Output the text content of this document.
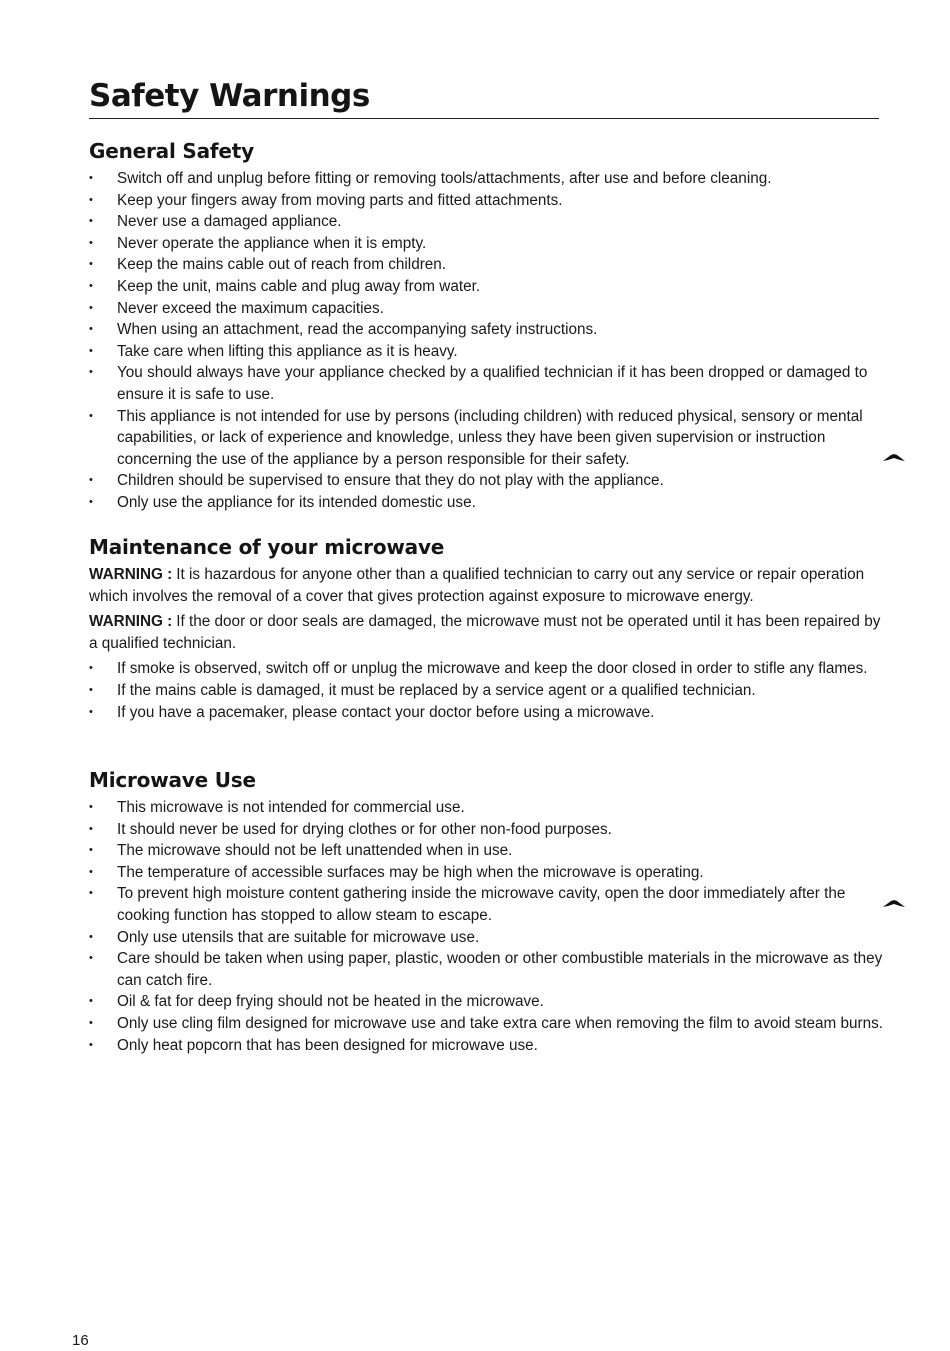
Safety Warnings
General Safety
• Switch off and unplug before fitting or removing tools/attachments, after use and before cleaning.
• Keep your fingers away from moving parts and fitted attachments.
• Never use a damaged appliance.
• Never operate the appliance when it is empty.
• Keep the mains cable out of reach from children.
• Keep the unit, mains cable and plug away from water.
• Never exceed the maximum capacities.
• When using an attachment, read the accompanying safety instructions.
• Take care when lifting this appliance as it is heavy.
• You should always have your appliance checked by a qualified technician if it has been dropped or damaged to ensure it is safe to use.
• This appliance is not intended for use by persons (including children) with reduced physical, sensory or mental capabilities, or lack of experience and knowledge, unless they have been given supervision or instruction concerning the use of the appliance by a person responsible for their safety.
• Children should be supervised to ensure that they do not play with the appliance.
• Only use the appliance for its intended domestic use.
Maintenance of your microwave

WARNING : It is hazardous for anyone other than a qualified technician to carry out any service or repair operation which involves the removal of a cover that gives protection against exposure to microwave energy.

WARNING : If the door or door seals are damaged, the microwave must not be operated until it has been repaired by a qualified technician.

• If smoke is observed, switch off or unplug the microwave and keep the door closed in order to stifle any flames.
• If the mains cable is damaged, it must be replaced by a service agent or a qualified technician.
• If you have a pacemaker, please contact your doctor before using a microwave.
Microwave Use
• This microwave is not intended for commercial use.
• It should never be used for drying clothes or for other non-food purposes.
• The microwave should not be left unattended when in use.
• The temperature of accessible surfaces may be high when the microwave is operating.
• To prevent high moisture content gathering inside the microwave cavity, open the door immediately after the cooking function has stopped to allow steam to escape.
• Only use utensils that are suitable for microwave use.
• Care should be taken when using paper, plastic, wooden or other combustible materials in the microwave as they can catch fire.
• Oil & fat for deep frying should not be heated in the microwave.
• Only use cling film designed for microwave use and take extra care when removing the film to avoid steam burns.
• Only heat popcorn that has been designed for microwave use.
16
